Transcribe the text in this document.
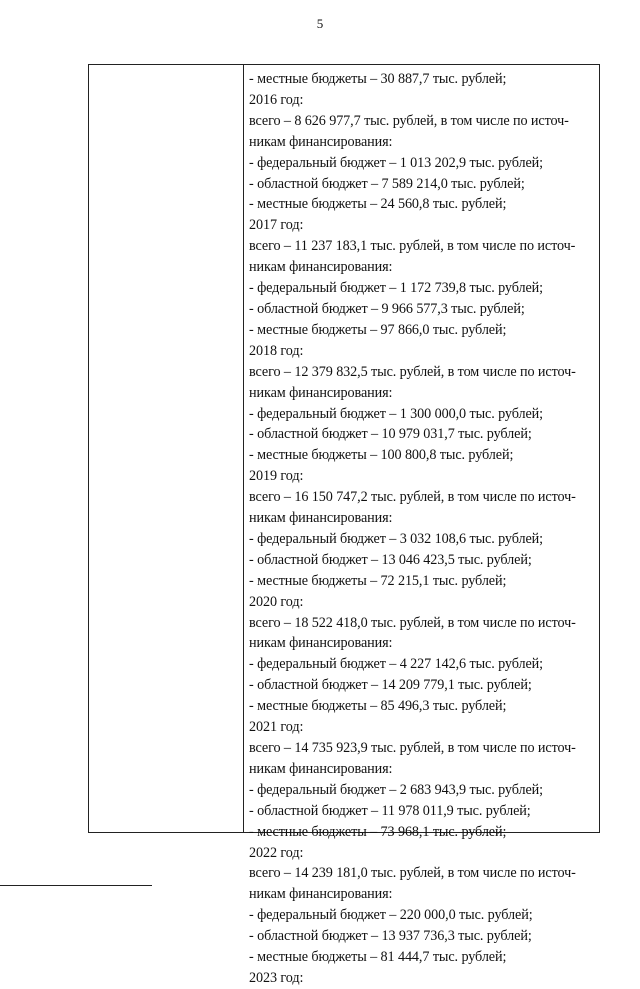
5
- местные бюджеты – 30 887,7 тыс. рублей;
2016 год:
всего – 8 626 977,7 тыс. рублей, в том числе по источ-
никам финансирования:
- федеральный бюджет – 1 013 202,9 тыс. рублей;
- областной бюджет – 7 589 214,0 тыс. рублей;
- местные бюджеты – 24 560,8 тыс. рублей;
2017 год:
всего – 11 237 183,1 тыс. рублей, в том числе по источ-
никам финансирования:
- федеральный бюджет – 1 172 739,8 тыс. рублей;
- областной бюджет – 9 966 577,3 тыс. рублей;
- местные бюджеты – 97 866,0 тыс. рублей;
2018 год:
всего – 12 379 832,5 тыс. рублей, в том числе по источ-
никам финансирования:
- федеральный бюджет – 1 300 000,0 тыс. рублей;
- областной бюджет – 10 979 031,7 тыс. рублей;
- местные бюджеты – 100 800,8 тыс. рублей;
2019 год:
всего – 16 150 747,2 тыс. рублей, в том числе по источ-
никам финансирования:
- федеральный бюджет – 3 032 108,6 тыс. рублей;
- областной бюджет – 13 046 423,5 тыс. рублей;
- местные бюджеты – 72 215,1 тыс. рублей;
2020 год:
всего – 18 522 418,0 тыс. рублей, в том числе по источ-
никам финансирования:
- федеральный бюджет – 4 227 142,6 тыс. рублей;
- областной бюджет – 14 209 779,1 тыс. рублей;
- местные бюджеты – 85 496,3 тыс. рублей;
2021 год:
всего – 14 735 923,9 тыс. рублей, в том числе по источ-
никам финансирования:
- федеральный бюджет – 2 683 943,9 тыс. рублей;
- областной бюджет – 11 978 011,9 тыс. рублей;
- местные бюджеты – 73 968,1 тыс. рублей;
2022 год:
всего – 14 239 181,0 тыс. рублей, в том числе по источ-
никам финансирования:
- федеральный бюджет – 220 000,0 тыс. рублей;
- областной бюджет – 13 937 736,3 тыс. рублей;
- местные бюджеты – 81 444,7 тыс. рублей;
2023 год:
